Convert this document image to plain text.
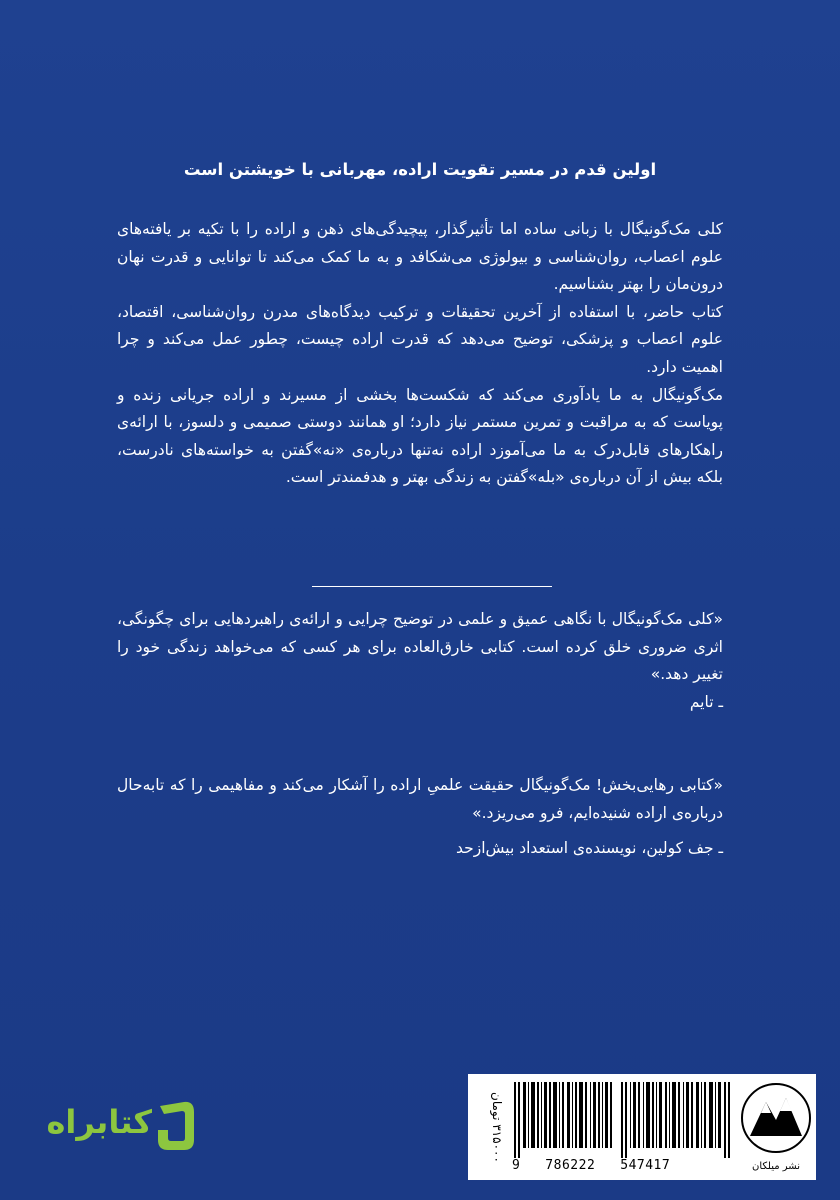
اولین قدم در مسیر تقویت اراده، مهربانی با خویشتن است

کلی مک‌گونیگال با زبانی ساده اما تأثیرگذار، پیچیدگی‌های ذهن و اراده را با تکیه بر یافته‌های علوم اعصاب، روان‌شناسی و بیولوژی می‌شکافد و به ما کمک می‌کند تا توانایی و قدرت نهان درون‌مان را بهتر بشناسیم.

کتاب حاضر، با استفاده از آخرین تحقیقات و ترکیب دیدگاه‌های مدرن روان‌شناسی، اقتصاد، علوم اعصاب و پزشکی، توضیح می‌دهد که قدرت اراده چیست، چطور عمل می‌کند و چرا اهمیت دارد.

مک‌گونیگال به ما یادآوری می‌کند که شکست‌ها بخشی از مسیرند و اراده جریانی زنده و پویاست که به مراقبت و تمرین مستمر نیاز دارد؛ او همانند دوستی صمیمی و دلسوز، با ارائه‌ی راهکارهای قابل‌درک به ما می‌آموزد اراده نه‌تنها درباره‌ی «نه»گفتن به خواسته‌های نادرست، بلکه بیش از آن درباره‌ی «بله»گفتن به زندگی بهتر و هدفمندتر است.

«کلی مک‌گونیگال با نگاهی عمیق و علمی در توضیح چرایی و ارائه‌ی راهبردهایی برای چگونگی، اثری ضروری خلق کرده است. کتابی خارق‌العاده برای هر کسی که می‌خواهد زندگی خود را تغییر دهد.»

ـ تایم

«کتابی رهایی‌بخش! مک‌گونیگال حقیقت علمیِ اراده را آشکار می‌کند و مفاهیمی را که تابه‌حال درباره‌ی اراده شنیده‌ایم، فرو می‌ریزد.»

ـ جف کولین، نویسنده‌ی استعداد بیش‌ازحد

کتابراه	۳۱۵۰۰۰ تومان
9   786222   547417	نشر میلکان
